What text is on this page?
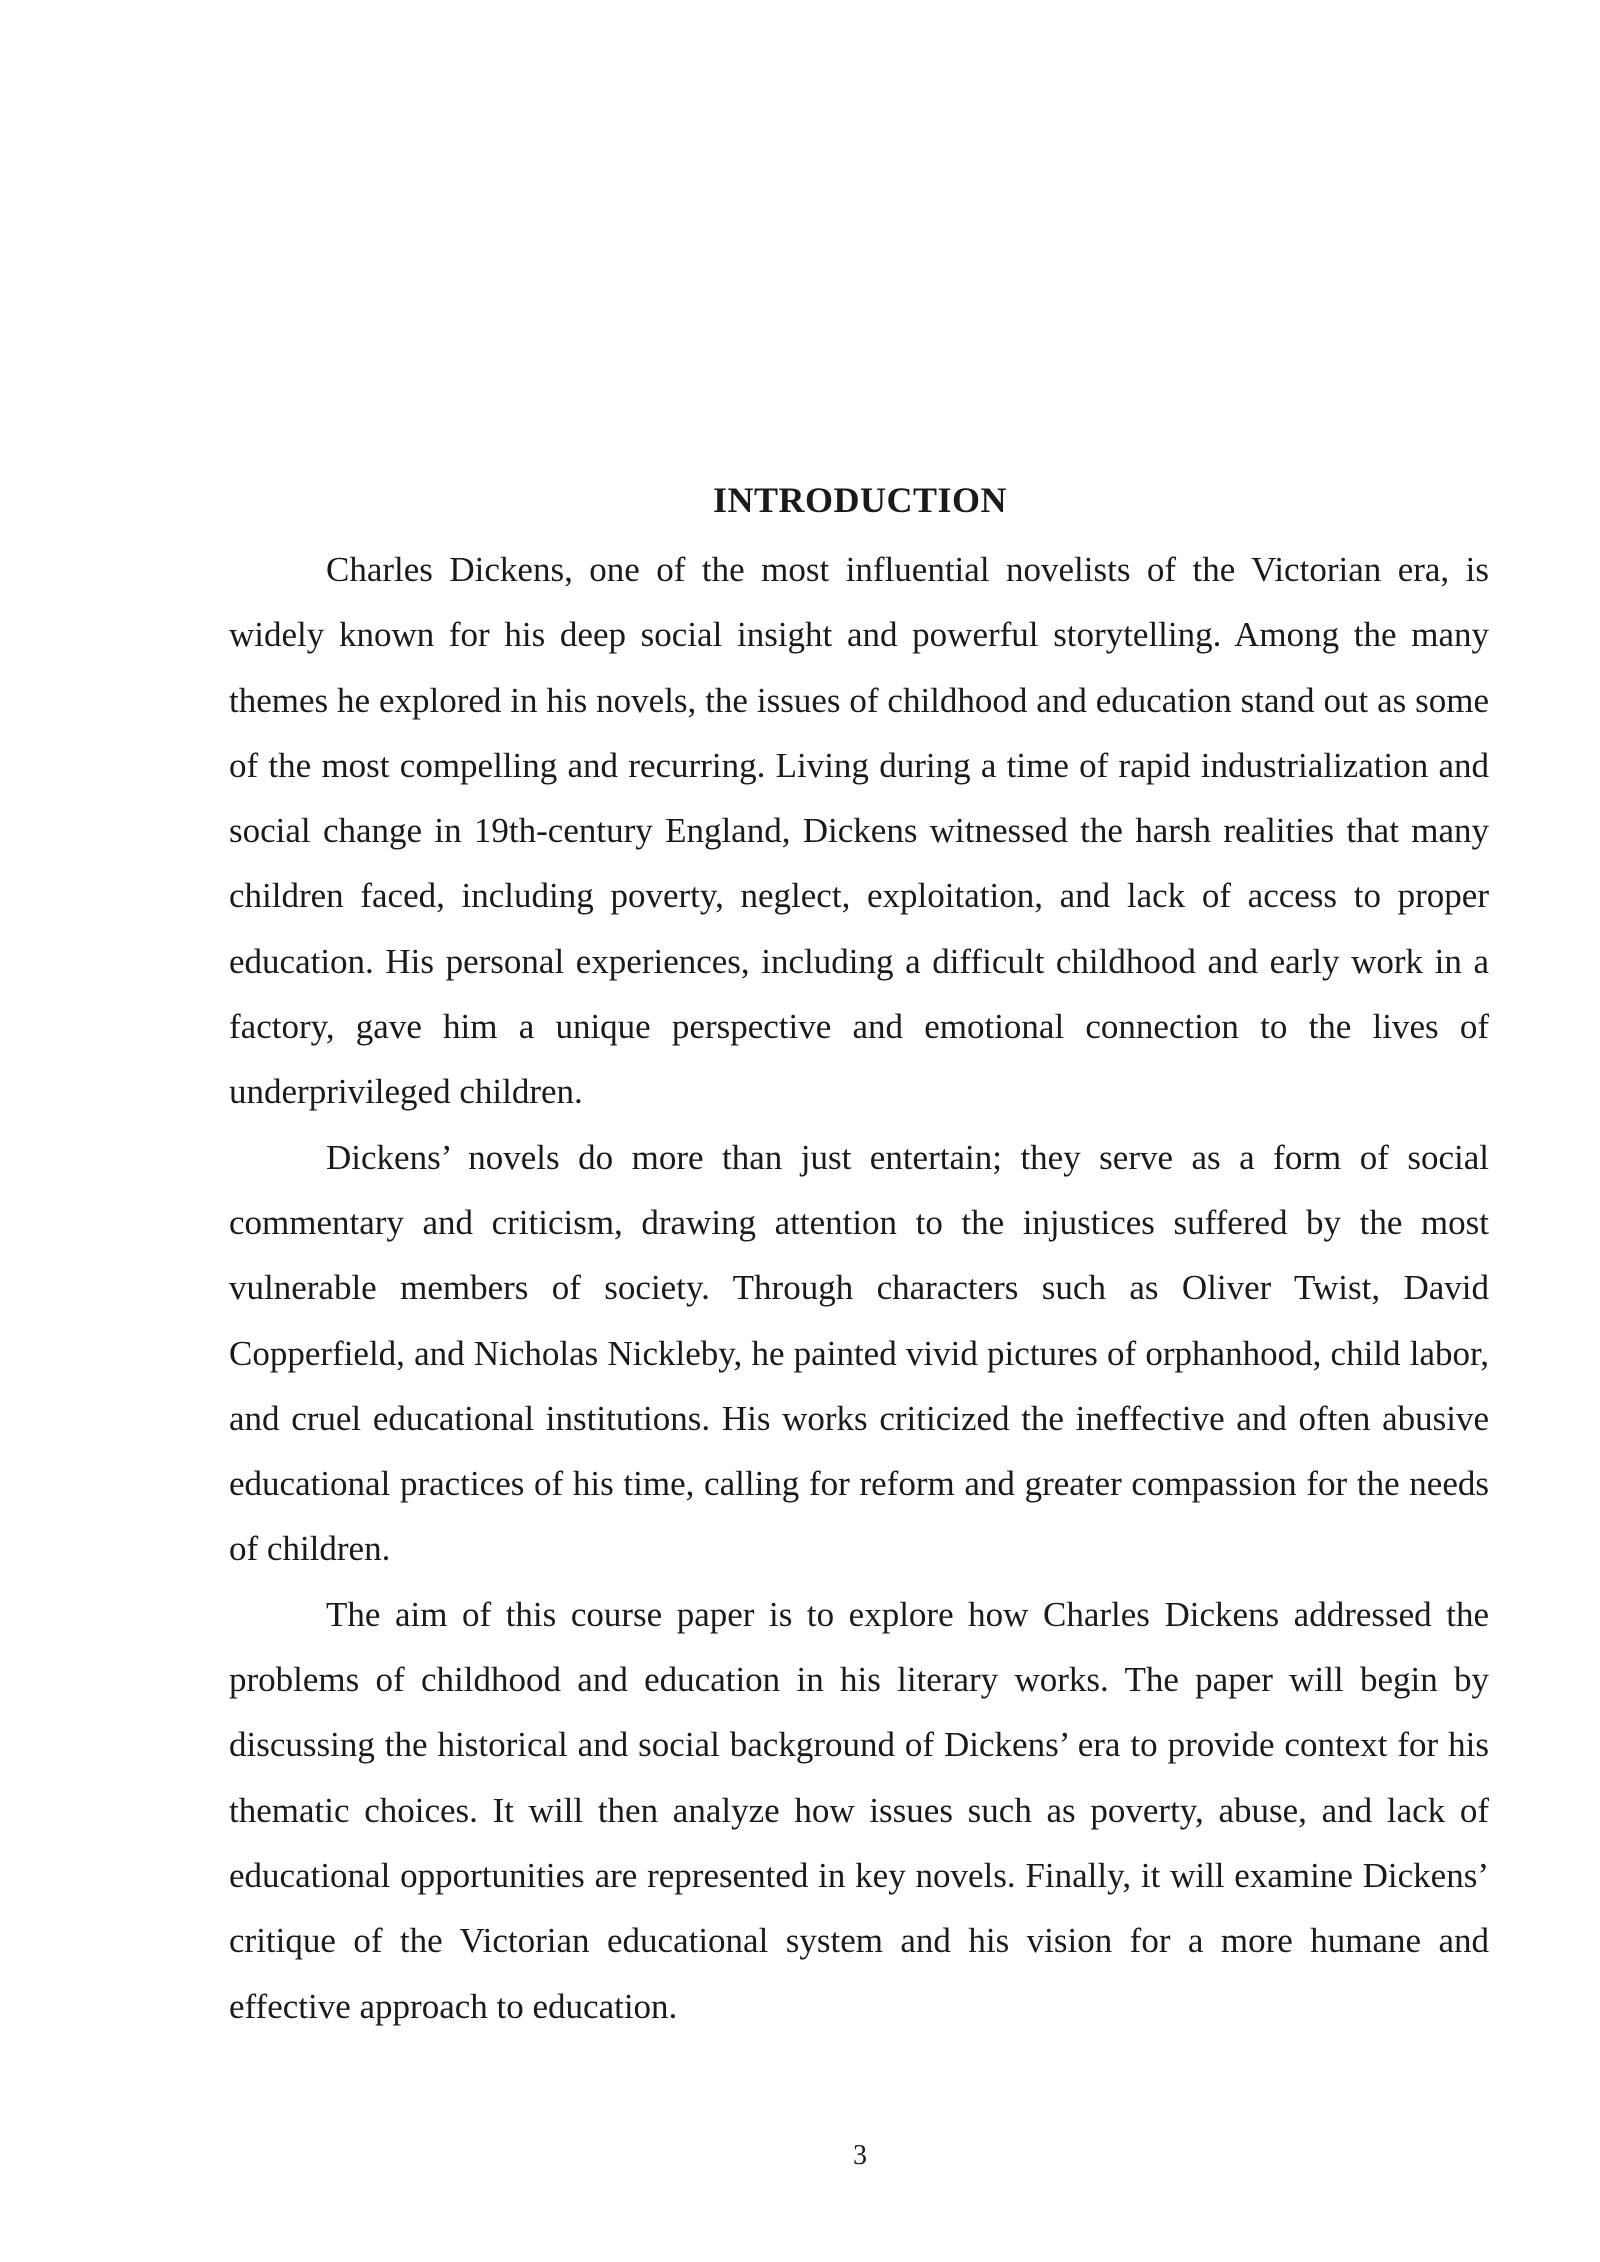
INTRODUCTION

Charles Dickens, one of the most influential novelists of the Victorian era, is widely known for his deep social insight and powerful storytelling. Among the many themes he explored in his novels, the issues of childhood and education stand out as some of the most compelling and recurring. Living during a time of rapid industrialization and social change in 19th-century England, Dickens witnessed the harsh realities that many children faced, including poverty, neglect, exploitation, and lack of access to proper education. His personal experiences, including a difficult childhood and early work in a factory, gave him a unique perspective and emotional connection to the lives of underprivileged children.

Dickens’ novels do more than just entertain; they serve as a form of social commentary and criticism, drawing attention to the injustices suffered by the most vulnerable members of society. Through characters such as Oliver Twist, David Copperfield, and Nicholas Nickleby, he painted vivid pictures of orphanhood, child labor, and cruel educational institutions. His works criticized the ineffective and often abusive educational practices of his time, calling for reform and greater compassion for the needs of children.

The aim of this course paper is to explore how Charles Dickens addressed the problems of childhood and education in his literary works. The paper will begin by discussing the historical and social background of Dickens’ era to provide context for his thematic choices. It will then analyze how issues such as poverty, abuse, and lack of educational opportunities are represented in key novels. Finally, it will examine Dickens’ critique of the Victorian educational system and his vision for a more humane and effective approach to education.

3
